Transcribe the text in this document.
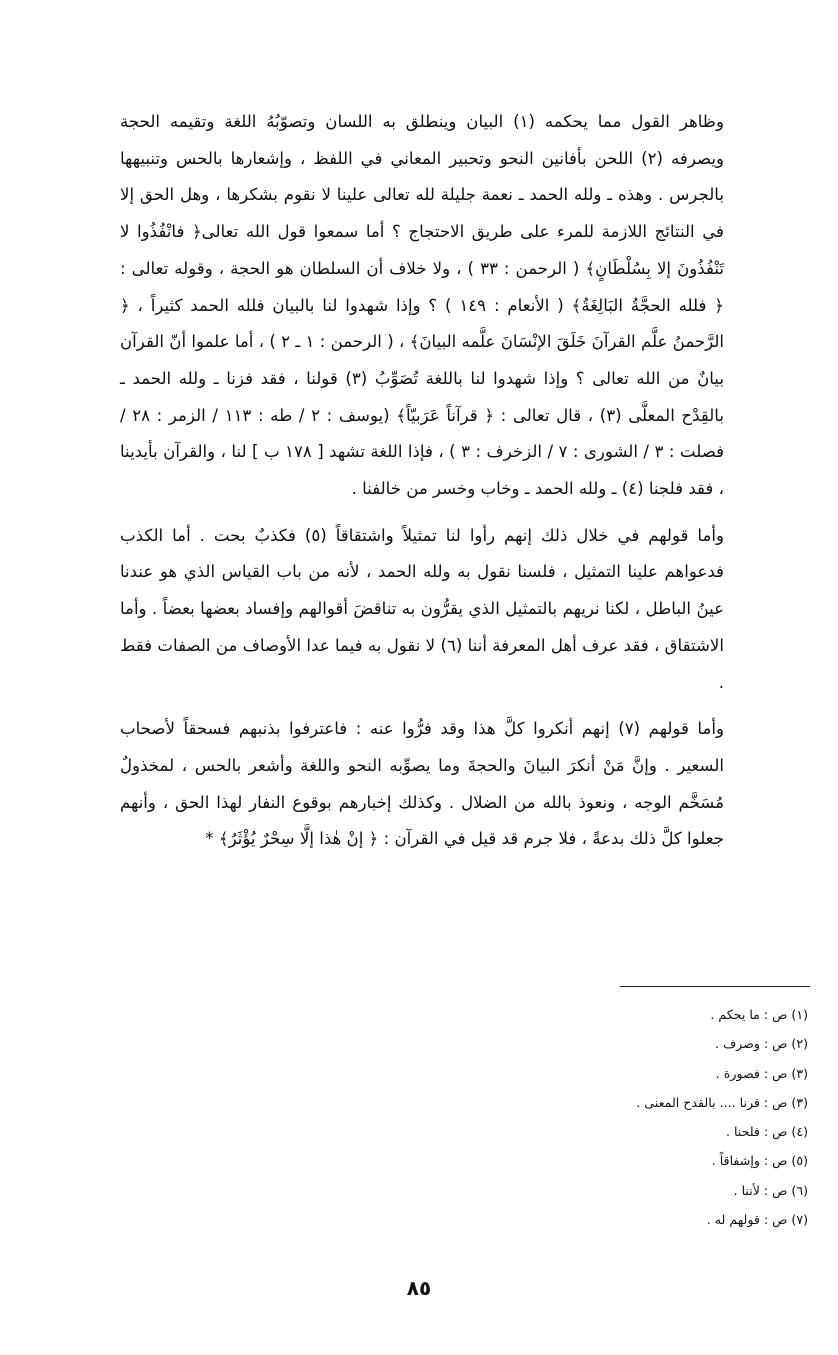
وظاهر القول مما يحكمه (١) البيان وينطلق به اللسان وتصوّبُهُ اللغة وتقيمه الحجة ويصرفه (٢) اللحن بأفانين النحو وتحبير المعاني في اللفظ ، وإشعارها بالحس وتنبيهها بالجرس . وهذه ـ ولله الحمد ـ نعمة جليلة لله تعالى علينا لا نقوم بشكرها ، وهل الحق إلا في النتائج اللازمة للمرء على طريق الاحتجاج ؟ أما سمعوا قول الله تعالى﴿ فانْفُذُوا لا تَنْفُذُونَ إلا بِسُلْطَانٍ﴾ ( الرحمن : ٣٣ ) ، ولا خلاف أن السلطان هو الحجة ، وقوله تعالى : ﴿ فلله الحجَّةُ البَالِغَةُ﴾ ( الأنعام : ١٤٩ ) ؟ وإذا شهدوا لنا بالبيان فلله الحمد كثيراً ، ﴿ الرَّحمنُ علَّم القرآنَ خَلَقَ الإنْسَانَ علَّمه البيانَ﴾ ، ( الرحمن : ١ ـ ٢ ) ، أما علموا أنّ القرآن بيانٌ من الله تعالى ؟ وإذا شهدوا لنا باللغة تُصَوِّبُ (٣) قولنا ، فقد فزنا ـ ولله الحمد ـ بالقِدْح المعلَّى (٣) ، قال تعالى : ﴿ قرآناً عَرَبيّاً﴾ (يوسف : ٢ / طه : ١١٣ / الزمر : ٢٨ / فصلت : ٣ / الشورى : ٧ / الزخرف : ٣ ) ، فإذا اللغة تشهد [ ١٧٨ ب ] لنا ، والقرآن بأيدينا ، فقد فلجنا (٤) ـ ولله الحمد ـ وخاب وخسر من خالفنا .

وأما قولهم في خلال ذلك إنهم رأوا لنا تمثيلاً واشتقاقاً (٥) فكذبٌ بحت . أما الكذب فدعواهم علينا التمثيل ، فلسنا نقول به ولله الحمد ، لأنه من باب القياس الذي هو عندنا عينُ الباطل ، لكنا نريهم بالتمثيل الذي يقرُّون به تناقضَ أقوالهم وإفساد بعضها بعضاً . وأما الاشتقاق ، فقد عرف أهل المعرفة أننا (٦) لا نقول به فيما عدا الأوصاف من الصفات فقط .

وأما قولهم (٧) إنهم أنكروا كلَّ هذا وقد فرُّوا عنه : فاعترفوا بذنبهم فسحقاً لأصحاب السعير . وإنَّ مَنْ أنكرَ البيانَ والحجةَ وما يصوِّبه النحو واللغة وأشعر بالحس ، لمخذولٌ مُسَخَّم الوجه ، ونعوذ بالله من الضلال . وكذلك إخبارهم بوقوع النفار لهذا الحق ، وأنهم جعلوا كلَّ ذلك بدعةً ، فلا جرم قد قيل في القرآن : ﴿ إنْ هٰذا إلَّا سِحْرٌ يُؤْثَرُ﴾ *

(١) ص : ما يحكم .
(٢) ص : وصرف .
(٣) ص : فصورة .
(٣) ص : قرنا .... بالقدح المعنى .
(٤) ص : فلحنا .
(٥) ص : وإشفاقاً .
(٦) ص : لأننا .
(٧) ص : قولهم له .
٨٥
